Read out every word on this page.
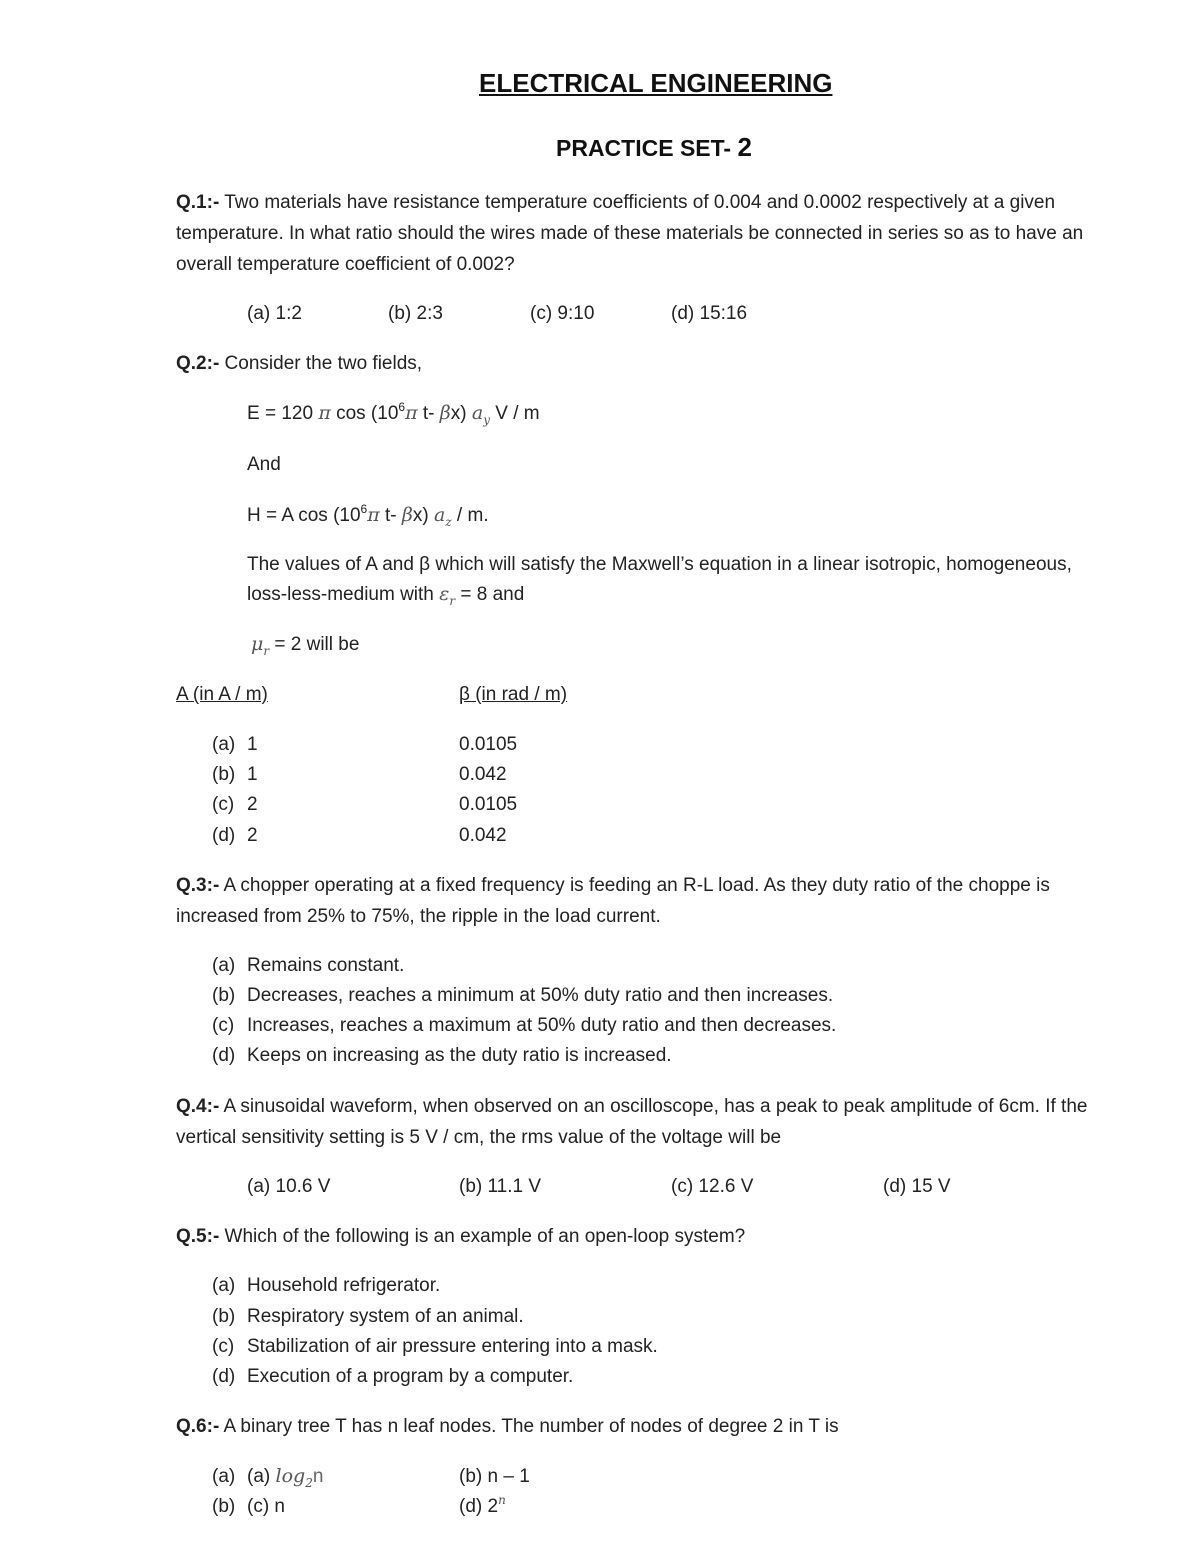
ELECTRICAL ENGINEERING
PRACTICE SET- 2
Q.1:- Two materials have resistance temperature coefficients of 0.004 and 0.0002 respectively at a given temperature. In what ratio should the wires made of these materials be connected in series so as to have an overall temperature coefficient of 0.002?
(a) 1:2	(b) 2:3	(c) 9:10	(d) 15:16
Q.2:- Consider the two fields,
E = 120 π $\cos (10^6\pi$ t- βx) $a_y$ V / m
And
H = A $\cos (10^6\pi$ t- βx) $a_z$ / m.
The values of A and β which will satisfy the Maxwell’s equation in a linear isotropic, homogeneous,
loss-less-medium with $\varepsilon_r = 8$ and
$\mu_r = 2$ will be
A (in A / m)	β (in rad / m)
(a) 1	0.0105
(b) 1	0.042
(c) 2	0.0105
(d) 2	0.042
Q.3:- A chopper operating at a fixed frequency is feeding an R-L load. As they duty ratio of the choppe is increased from 25% to 75%, the ripple in the load current.
(a) Remains constant.
(b) Decreases, reaches a minimum at 50% duty ratio and then increases.
(c) Increases, reaches a maximum at 50% duty ratio and then decreases.
(d) Keeps on increasing as the duty ratio is increased.
Q.4:- A sinusoidal waveform, when observed on an oscilloscope, has a peak to peak amplitude of 6cm. If the vertical sensitivity setting is 5 V / cm, the rms value of the voltage will be
(a) 10.6 V	(b) 11.1 V	(c) 12.6 V	(d) 15 V
Q.5:- Which of the following is an example of an open-loop system?
(a) Household refrigerator.
(b) Respiratory system of an animal.
(c) Stabilization of air pressure entering into a mask.
(d) Execution of a program by a computer.
Q.6:- A binary tree T has n leaf nodes. The number of nodes of degree 2 in T is
(a) (a) $\log_2n$	(b) n ‒ 1
(b) (c) n	(d) 2$^n$
